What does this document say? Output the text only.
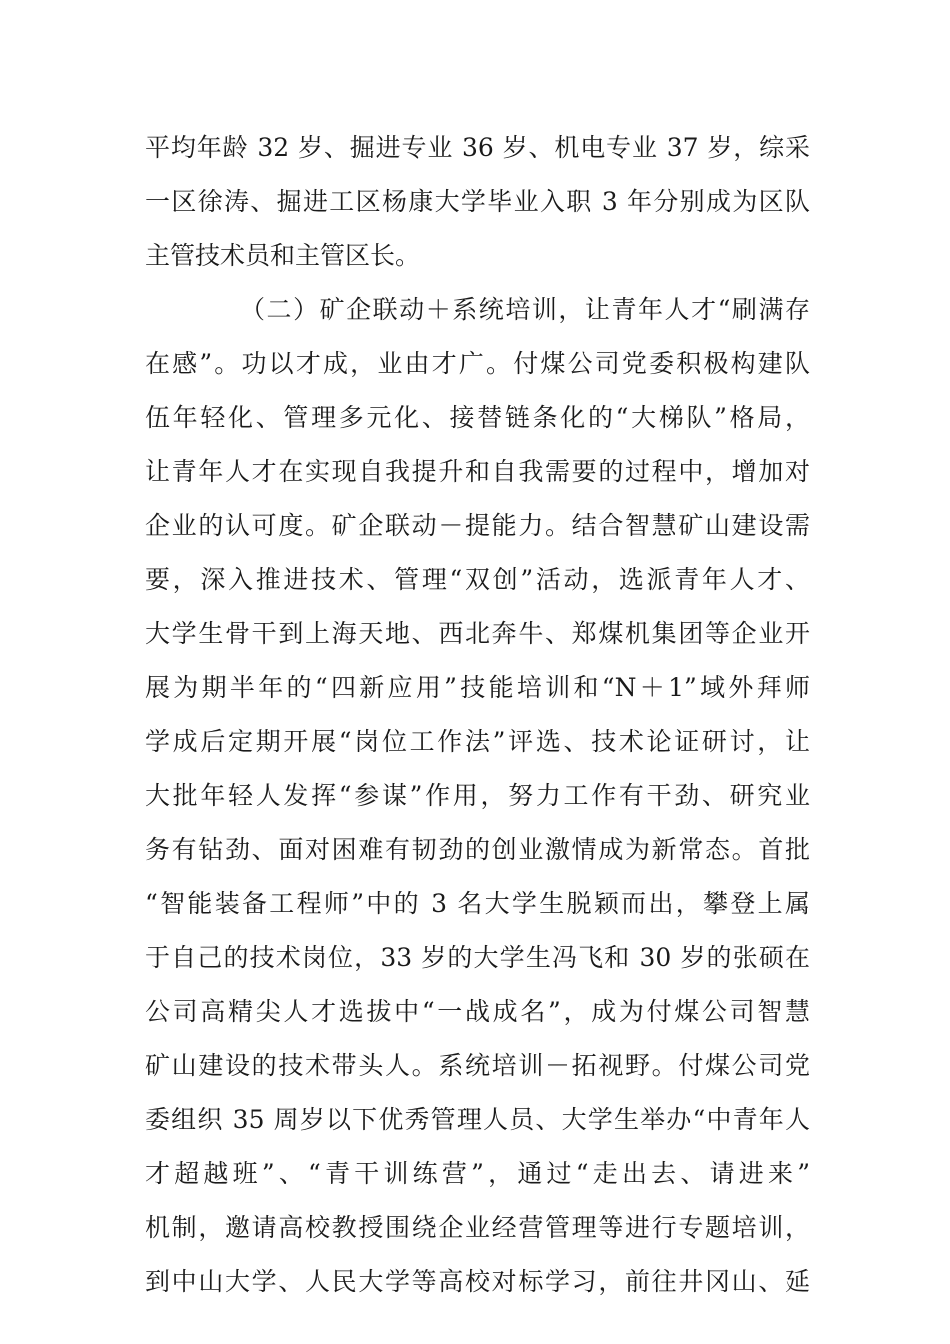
平均年龄 32 岁、掘进专业 36 岁、机电专业 37 岁，综采
一区徐涛、掘进工区杨康大学毕业入职 3 年分别成为区队
主管技术员和主管区长。
（二）矿企联动＋系统培训，让青年人才“刷满存
在感”。功以才成，业由才广。付煤公司党委积极构建队
伍年轻化、管理多元化、接替链条化的“大梯队”格局，
让青年人才在实现自我提升和自我需要的过程中，增加对
企业的认可度。矿企联动－提能力。结合智慧矿山建设需
要，深入推进技术、管理“双创”活动，选派青年人才、
大学生骨干到上海天地、西北奔牛、郑煤机集团等企业开
展为期半年的“四新应用”技能培训和“N＋1”域外拜师
学成后定期开展“岗位工作法”评选、技术论证研讨，让
大批年轻人发挥“参谋”作用，努力工作有干劲、研究业
务有钻劲、面对困难有韧劲的创业激情成为新常态。首批
“智能装备工程师”中的 3 名大学生脱颖而出，攀登上属
于自己的技术岗位，33 岁的大学生冯飞和 30 岁的张硕在
公司高精尖人才选拔中“一战成名”，成为付煤公司智慧
矿山建设的技术带头人。系统培训－拓视野。付煤公司党
委组织 35 周岁以下优秀管理人员、大学生举办“中青年人
才超越班”、“青干训练营”，通过“走出去、请进来”
机制，邀请高校教授围绕企业经营管理等进行专题培训，
到中山大学、人民大学等高校对标学习，前往井冈山、延
